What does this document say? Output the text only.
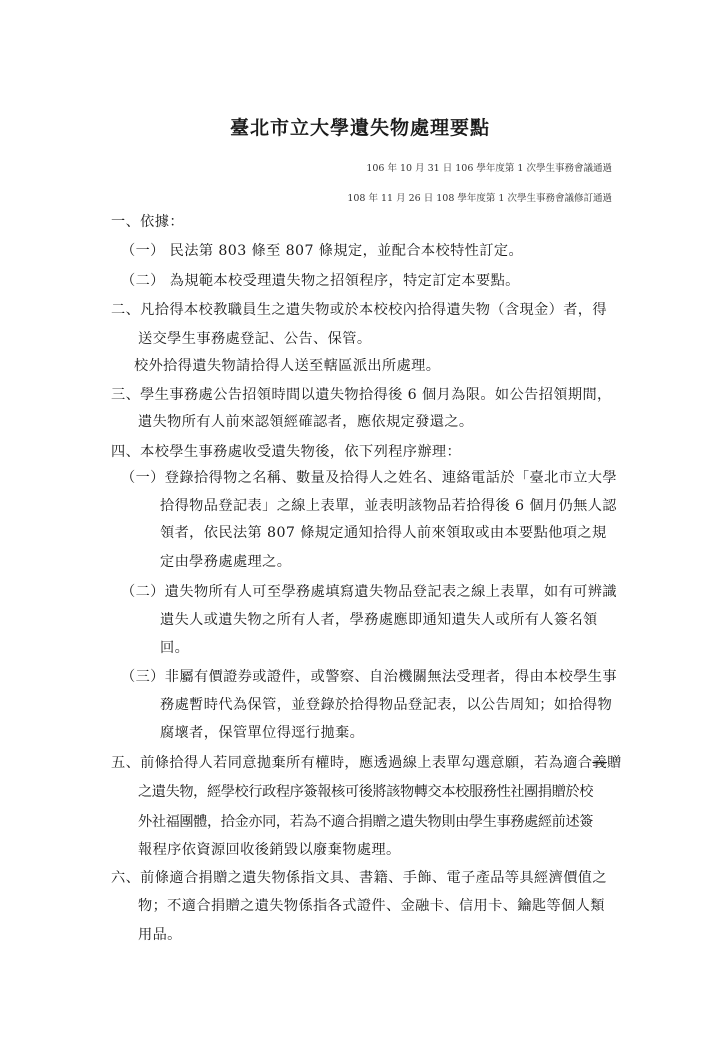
臺北市立大學遺失物處理要點
106 年 10 月 31 日 106 學年度第 1 次學生事務會議通過
108 年 11 月 26 日 108 學年度第 1 次學生事務會議修訂通過
一、依據：
（一） 民法第 803 條至 807 條規定，並配合本校特性訂定。
（二） 為規範本校受理遺失物之招領程序，特定訂定本要點。
二、凡拾得本校教職員生之遺失物或於本校校內拾得遺失物（含現金）者，得
送交學生事務處登記、公告、保管。
校外拾得遺失物請拾得人送至轄區派出所處理。
三、學生事務處公告招領時間以遺失物拾得後 6 個月為限。如公告招領期間，
遺失物所有人前來認領經確認者，應依規定發還之。
四、本校學生事務處收受遺失物後，依下列程序辦理：
（一）登錄拾得物之名稱、數量及拾得人之姓名、連絡電話於「臺北市立大學
拾得物品登記表」之線上表單，並表明該物品若拾得後 6 個月仍無人認
領者，依民法第 807 條規定通知拾得人前來領取或由本要點他項之規
定由學務處處理之。
（二）遺失物所有人可至學務處填寫遺失物品登記表之線上表單，如有可辨識
遺失人或遺失物之所有人者，學務處應即通知遺失人或所有人簽名領
回。
（三）非屬有價證券或證件，或警察、自治機關無法受理者，得由本校學生事
務處暫時代為保管，並登錄於拾得物品登記表，以公告周知；如拾得物
腐壞者，保管單位得逕行拋棄。
五、前條拾得人若同意拋棄所有權時，應透過線上表單勾選意願，若為適合義贈
之遺失物，經學校行政程序簽報核可後將該物轉交本校服務性社團捐贈於校
外社福團體，拾金亦同，若為不適合捐贈之遺失物則由學生事務處經前述簽
報程序依資源回收後銷毀以廢棄物處理。
六、前條適合捐贈之遺失物係指文具、書籍、手飾、電子產品等具經濟價值之
物；不適合捐贈之遺失物係指各式證件、金融卡、信用卡、鑰匙等個人類
用品。
